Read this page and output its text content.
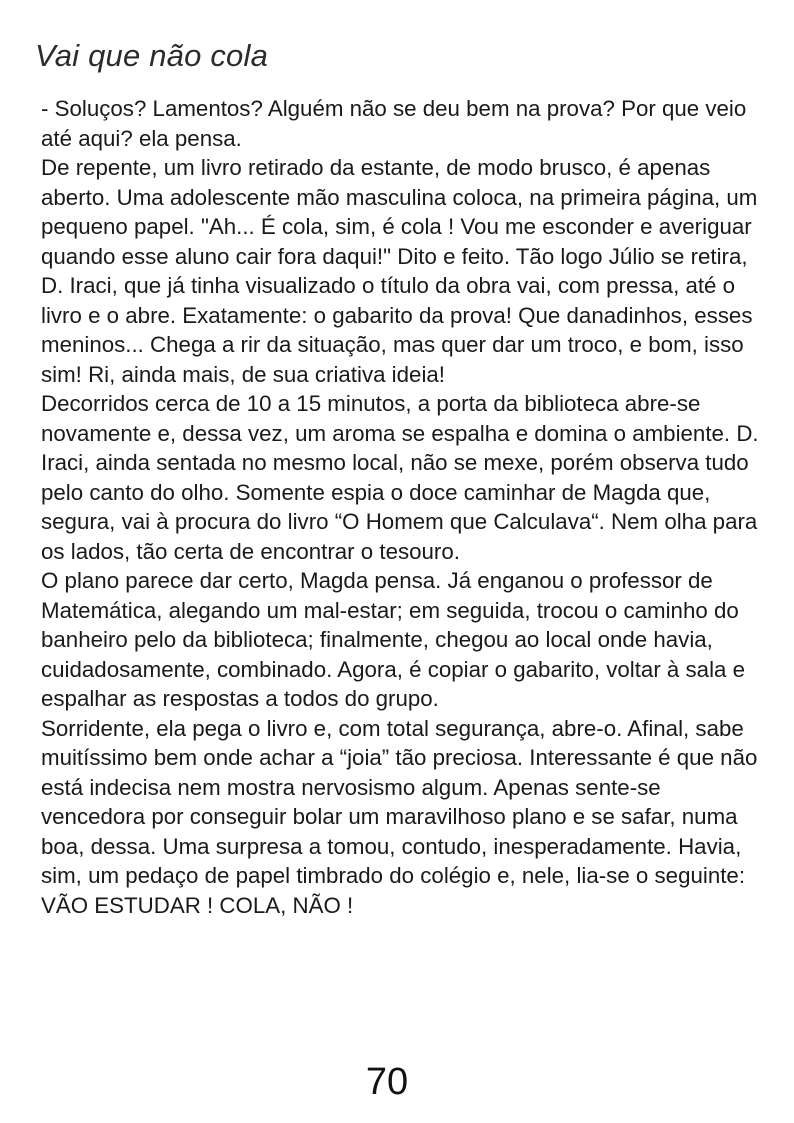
Vai que não cola

- Soluços? Lamentos? Alguém não se deu bem na prova? Por que veio até aqui? ela pensa.

De repente, um livro retirado da estante, de modo brusco, é apenas aberto. Uma adolescente mão masculina coloca, na primeira página, um pequeno papel. "Ah... É cola, sim, é cola ! Vou me esconder e averiguar quando esse aluno cair fora daqui!" Dito e feito. Tão logo Júlio se retira, D. Iraci, que já tinha visualizado o título da obra vai, com pressa, até o livro e o abre. Exatamente: o gabarito da prova! Que danadinhos, esses meninos... Chega a rir da situação, mas quer dar um troco, e bom, isso sim! Ri, ainda mais, de sua criativa ideia!

Decorridos cerca de 10 a 15 minutos, a porta da biblioteca abre-se novamente e, dessa vez, um aroma se espalha e domina o ambiente. D. Iraci, ainda sentada no mesmo local, não se mexe, porém observa tudo pelo canto do olho. Somente espia o doce caminhar de Magda que, segura, vai à procura do livro “O Homem que Calculava“. Nem olha para os lados, tão certa de encontrar o tesouro.

O plano parece dar certo, Magda pensa. Já enganou o professor de Matemática, alegando um mal-estar; em seguida, trocou o caminho do banheiro pelo da biblioteca; finalmente, chegou ao local onde havia, cuidadosamente, combinado. Agora, é copiar o gabarito, voltar à sala e espalhar as respostas a todos do grupo.

Sorridente, ela pega o livro e, com total segurança, abre-o. Afinal, sabe muitíssimo bem onde achar a “joia” tão preciosa. Interessante é que não está indecisa nem mostra nervosismo algum. Apenas sente-se vencedora por conseguir bolar um maravilhoso plano e se safar, numa boa, dessa. Uma surpresa a tomou, contudo, inesperadamente. Havia, sim, um pedaço de papel timbrado do colégio e, nele, lia-se o seguinte:

VÃO ESTUDAR ! COLA, NÃO !

70
